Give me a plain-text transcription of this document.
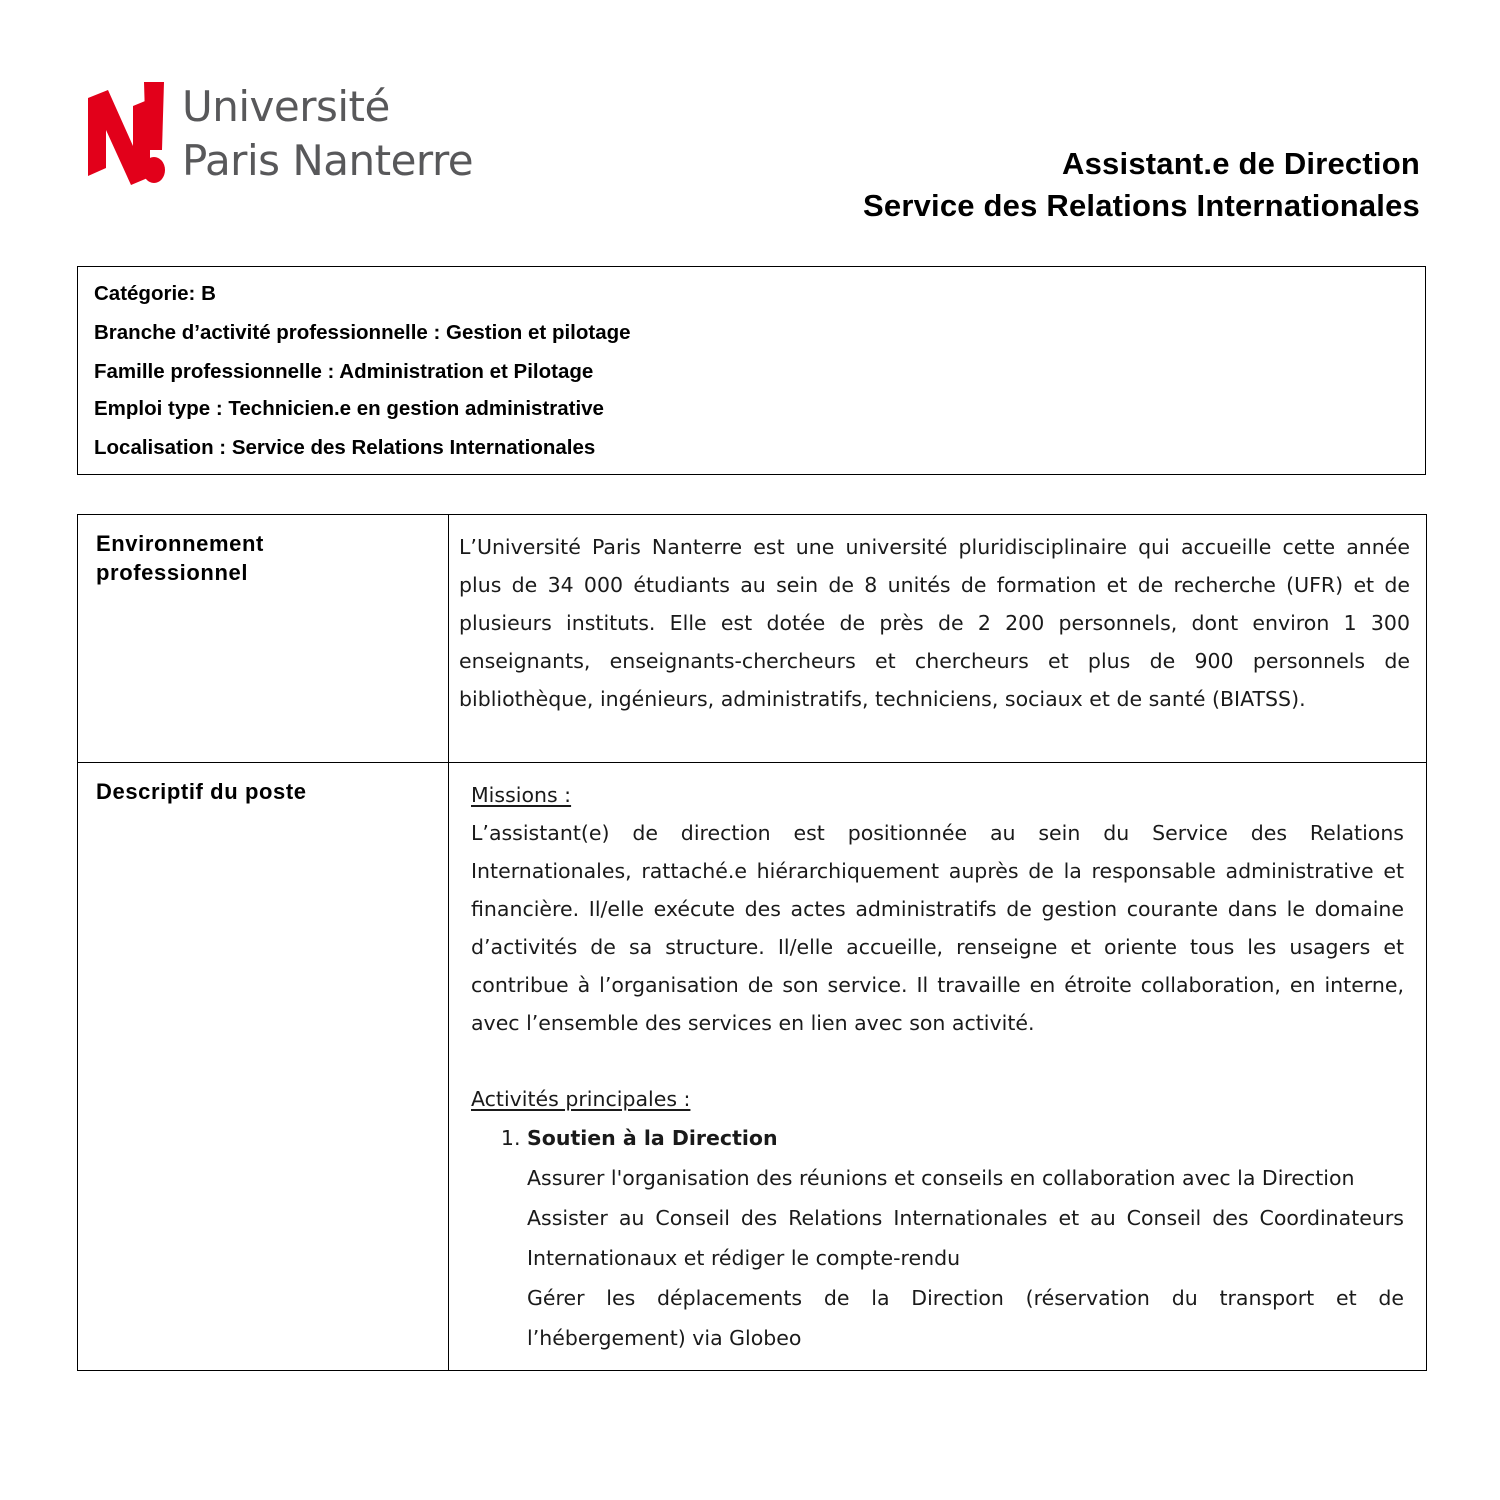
Université
Paris Nanterre	Assistant.e de Direction
Service des Relations Internationales
Catégorie: B
Branche d’activité professionnelle : Gestion et pilotage
Famille professionnelle : Administration et Pilotage
Emploi type : Technicien.e en gestion administrative
Localisation : Service des Relations Internationales
Environnement
professionnel	L’Université Paris Nanterre est une université pluridisciplinaire qui accueille cette année plus de 34 000 étudiants au sein de 8 unités de formation et de recherche (UFR) et de plusieurs instituts. Elle est dotée de près de 2 200 personnels, dont environ 1 300 enseignants, enseignants-chercheurs et chercheurs et plus de 900 personnels de bibliothèque, ingénieurs, administratifs, techniciens, sociaux et de santé (BIATSS).

Descriptif du poste	Missions :

L’assistant(e) de direction est positionnée au sein du Service des Relations Internationales, rattaché.e hiérarchiquement auprès de la responsable administrative et financière. Il/elle exécute des actes administratifs de gestion courante dans le domaine d’activités de sa structure. Il/elle accueille, renseigne et oriente tous les usagers et contribue à l’organisation de son service. Il travaille en étroite collaboration, en interne, avec l’ensemble des services en lien avec son activité.

Activités principales :

1. Soutien à la Direction

Assurer l'organisation des réunions et conseils en collaboration avec la Direction

Assister au Conseil des Relations Internationales et au Conseil des Coordinateurs Internationaux et rédiger le compte-rendu

Gérer les déplacements de la Direction (réservation du transport et de l’hébergement) via Globeo
